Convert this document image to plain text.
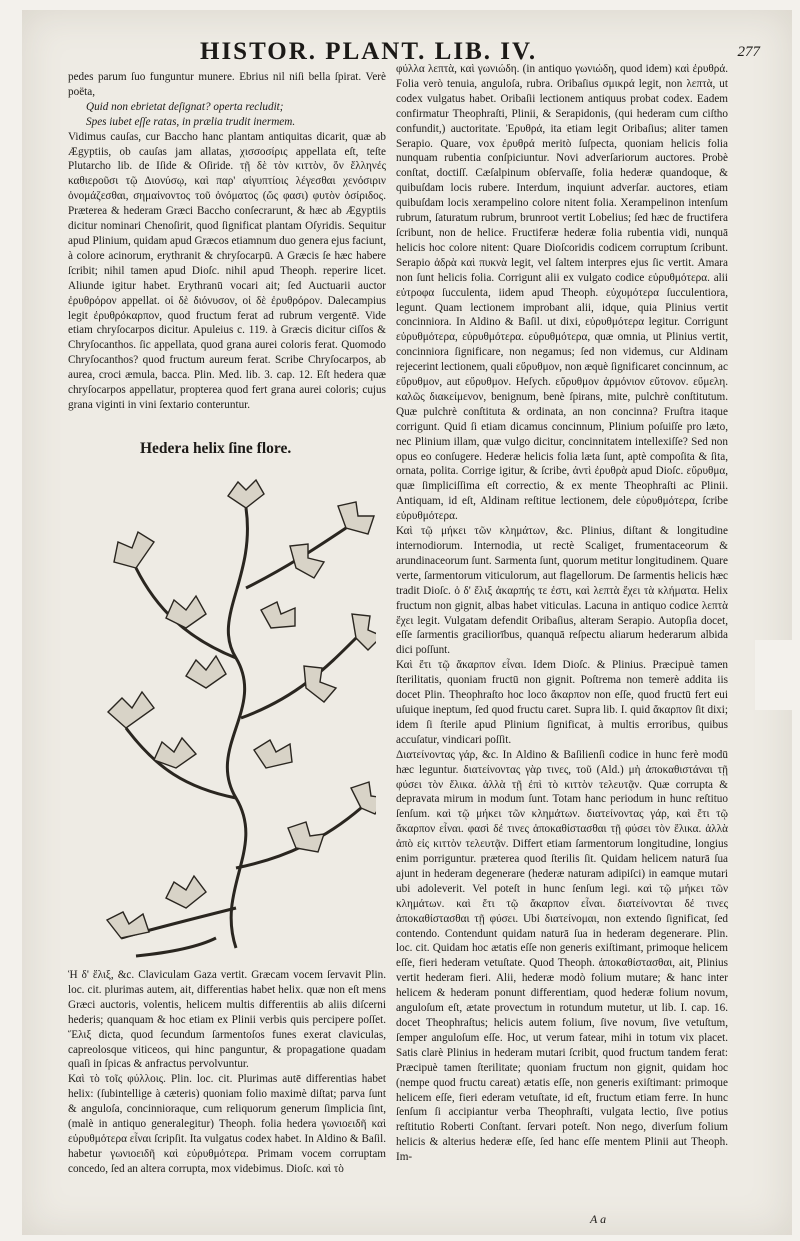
HISTOR. PLANT. LIB. IV.	277

pedes parum ſuo funguntur munere. Ebrius nil niſi bella ſpirat. Verè poëta,

Quid non ebrietat deſignat? operta recludit;

Spes iubet eſſe ratas, in prælia trudit inermem.

Vidimus cauſas, cur Baccho hanc plantam antiquitas dicarit, quæ ab Ægyptiis, ob cauſas jam allatas, χισσοσίρις appellata eſt, teſte Plutarcho lib. de Iſide & Oſiride. τῇ δὲ τὸν κιττὸν, ὅν ἕλληνές καθιεροῦσι τῷ Διονύσῳ, καὶ παρ' αἰγυπτίοις λέγεσθαι χενόσιριν ὀνομάζεσθαι, σημαίνοντος τοῦ ὀνόματος (ὥς φασι) φυτὸν ὀσίριδος. Præterea & hederam Græci Baccho conſecrarunt, & hæc ab Ægyptiis dicitur nominari Chenoſirit, quod ſignificat plantam Oſyridis. Sequitur apud Plinium, quidam apud Græcos etiamnum duo genera ejus faciunt, à colore acinorum, erythranit & chryſocarpū. A Græcis ſe hæc habere ſcribit; nihil tamen apud Dioſc. nihil apud Theoph. reperire licet. Aliunde igitur habet. Erythranū vocari ait; ſed Auctuarii auctor ἐρυθρόρον appellat. οἱ δὲ διόνυσον, οἱ δὲ ἐρυθρόρον. Dalecampius legit ἐρυθρόκαρπον, quod fructum ferat ad rubrum vergentē. Vide etiam chryſocarpos dicitur. Apuleius c. 119. à Græcis dicitur ciſſos & Chryſocanthos. ſic appellata, quod grana aurei coloris ferat. Quomodo Chryſocanthos? quod fructum aureum ferat. Scribe Chryſocarpos, ab aurea, croci æmula, bacca. Plin. Med. lib. 3. cap. 12. Eſt hedera quæ chryſocarpos appellatur, propterea quod fert grana aurei coloris; cujus grana viginti in vini ſextario conteruntur.

Hedera helix ſine flore.

Ἡ δ' ἕλιξ, &c. Claviculam Gaza vertit. Græcam vocem ſervavit Plin. loc. cit. plurimas autem, ait, differentias habet helix. quæ non eſt mens Græci auctoris, volentis, helicem multis differentiis ab aliis diſcerni hederis; quanquam & hoc etiam ex Plinii verbis quis percipere poſſet. Ἕλιξ dicta, quod ſecundum ſarmentoſos funes exerat claviculas, capreolosque viticeos, qui hinc panguntur, & propagatione quadam quaſi in ſpicas & anfractus pervolvuntur.

Καὶ τὸ τοῖς φύλλοις. Plin. loc. cit. Plurimas autē differentias habet helix: (ſubintellige à cæteris) quoniam folio maximè diſtat; parva ſunt & anguloſa, concinnioraque, cum reliquorum generum ſimplicia ſint, (malè in antiquo generalegitur) Theoph. folia hedera γωνιοειδῆ καὶ εὐρυθμότερα εἶναι ſcripſit. Ita vulgatus codex habet. In Aldino & Baſil. habetur γωνιοειδῆ καὶ εὐρυθμότερα. Primam vocem corruptam concedo, ſed an altera corrupta, mox videbimus. Dioſc. καὶ τὸ

φύλλα λεπτὰ, καὶ γωνιώδη. (in antiquo γωνιώδη, quod idem) καὶ ἐρυθρά. Folia verò tenuia, anguloſa, rubra. Oribaſius σμικρά legit, non λεπτὰ, ut codex vulgatus habet. Oribaſii lectionem antiquus probat codex. Eadem confirmatur Theophraſti, Plinii, & Serapidonis, (qui hederam cum ciſtho confundit,) auctoritate. Ἐρυθρά, ita etiam legit Oribaſius; aliter tamen Serapio. Quare, vox ἐρυθρά meritò ſuſpecta, quoniam helicis folia nunquam rubentia conſpiciuntur. Novi adverſariorum auctores. Probè conſtat, doctiſſ. Cæſalpinum obſervaſſe, folia hederæ quandoque, & quibuſdam locis rubere. Interdum, inquiunt adverſar. auctores, etiam quibuſdam locis xerampelino colore nitent folia. Xerampelinon intenſum rubrum, ſaturatum rubrum, brunroot vertit Lobelius; ſed hæc de fructifera ſcribunt, non de helice. Fructiferæ hederæ folia rubentia vidi, nunquā helicis hoc colore nitent: Quare Dioſcoridis codicem corruptum ſcribunt. Serapio ἀδρὰ καὶ πυκνὰ legit, vel ſaltem interpres ejus ſic vertit. Amara non ſunt helicis folia. Corrigunt alii ex vulgato codice εὐρυθμότερα. alii εὐτροφα ſucculenta, iidem apud Theoph. εὐχυμότερα ſucculentiora, legunt. Quam lectionem improbant alii, idque, quia Plinius vertit concinniora. In Aldino & Baſil. ut dixi, εὐρυθμότερα legitur. Corrigunt εὐρυθμότερα, εὐρυθμότερα. εὐρυθμότερα, quæ omnia, ut Plinius vertit, concinniora ſignificare, non negamus; ſed non videmus, cur Aldinam rejecerint lectionem, quali εὔρυθμον, non æquè ſignificaret concinnum, ac εὔρυθμον, aut εὔρυθμον. Heſych. εὔρυθμον ἁρμόνιον εὔτονον. εὔμελη. καλῶς διακείμενον, benignum, benè ſpirans, mite, pulchrè conſtitutum. Quæ pulchrè conſtituta & ordinata, an non concinna? Fruſtra itaque corrigunt. Quid ſi etiam dicamus concinnum, Plinium poſuiſſe pro læto, nec Plinium illam, quæ vulgo dicitur, concinnitatem intellexiſſe? Sed non opus eo conſugere. Hederæ helicis folia læta ſunt, aptè compoſita & ſita, ornata, polita. Corrige igitur, & ſcribe, ἀντὶ ἐρυθρὰ apud Dioſc. εὔρυθμα, quæ ſimpliciſſima eſt correctio, & ex mente Theophraſti ac Plinii. Antiquam, id eſt, Aldinam reſtitue lectionem, dele εὐρυθμότερα, ſcribe εὐρυθμότερα.

Καὶ τῷ μήκει τῶν κλημάτων, &c. Plinius, diſtant & longitudine internodiorum. Internodia, ut rectè Scaliget, frumentaceorum & arundinaceorum ſunt. Sarmenta ſunt, quorum metitur longitudinem. Quare verte, ſarmentorum viticulorum, aut flagellorum. De ſarmentis helicis hæc tradit Dioſc. ὁ δ' ἕλιξ ἀκαρπής τε ἐστι, καὶ λεπτὰ ἔχει τὰ κλήματα. Helix fructum non gignit, albas habet viticulas. Lacuna in antiquo codice λεπτὰ ἔχει legit. Vulgatam defendit Oribaſius, alteram Serapio. Autopſia docet, eſſe ſarmentis graciliorībus, quanquā reſpectu aliarum hederarum albida dici poſſunt.

Καὶ ἔτι τῷ ἄκαρπον εἶναι. Idem Dioſc. & Plinius. Præcipuè tamen ſterilitatis, quoniam fructū non gignit. Poſtrema non temerè addita iis docet Plin. Theophraſto hoc loco ἄκαρπον non eſſe, quod fructū fert eui uſuique ineptum, ſed quod fructu caret. Supra lib. I. quid ἄκαρπον ſit dixi; idem ſi ſterile apud Plinium ſignificat, à multis erroribus, quibus accuſatur, vindicari poſſit.

Διατείνοντας γάρ, &c. In Aldino & Baſilienſi codice in hunc ferè modū hæc leguntur. διατείνοντας γὰρ τινες, τοῦ (Ald.) μὴ ἀποκαθιστάναι τῇ φύσει τὸν ἕλικα. ἀλλὰ τῇ ἐπὶ τὸ κιττὸν τελευτᾷν. Quæ corrupta & depravata mirum in modum ſunt. Totam hanc periodum in hunc reſtituo ſenſum. καὶ τῷ μήκει τῶν κλημάτων. διατείνοντας γάρ, καὶ ἔτι τῷ ἄκαρπον εἶναι. φασὶ δέ τινες ἀποκαθίστασθαι τῇ φύσει τὸν ἕλικα. ἀλλὰ ἀπὸ εἰς κιττὸν τελευτᾷν. Differt etiam ſarmentorum longitudine, longius enim porriguntur. præterea quod ſterilis ſit. Quidam helicem naturā ſua ajunt in hederam degenerare (hederæ naturam adipiſci) in eamque mutari ubi adoleverit. Vel poteſt in hunc ſenſum legi. καὶ τῷ μήκει τῶν κλημάτων. καὶ ἔτι τῷ ἄκαρπον εἶναι. διατείνονται δέ τινες ἀποκαθίστασθαι τῇ φύσει. Ubi διατείνομαι, non extendo ſignificat, ſed contendo. Contendunt quidam naturā ſua in hederam degenerare. Plin. loc. cit. Quidam hoc ætatis eſſe non generis exiſtimant, primoque helicem eſſe, fieri hederam vetuſtate. Quod Theoph. ἀποκαθίστασθαι, ait, Plinius vertit hederam fieri. Alii, hederæ modò folium mutare; & hanc inter helicem & hederam ponunt differentiam, quod hederæ folium novum, anguloſum eſt, ætate provectum in rotundum mutetur, ut lib. I. cap. 16. docet Theophraſtus; helicis autem folium, ſive novum, ſive vetuſtum, ſemper anguloſum eſſe. Hoc, ut verum fatear, mihi in totum vix placet. Satis clarè Plinius in hederam mutari ſcribit, quod fructum tandem ferat: Præcipuè tamen ſterilitate; quoniam fructum non gignit, quidam hoc (nempe quod fructu careat) ætatis eſſe, non generis exiſtimant: primoque helicem eſſe, fieri ederam vetuſtate, id eſt, fructum etiam ferre. In hunc ſenſum ſi accipiantur verba Theophraſti, vulgata lectio, ſive potius reſtitutio Roberti Conſtant. ſervari poteſt. Non nego, diverſum folium helicis & alterius hederæ eſſe, ſed hanc eſſe mentem Plinii aut Theoph. Im-

A a
